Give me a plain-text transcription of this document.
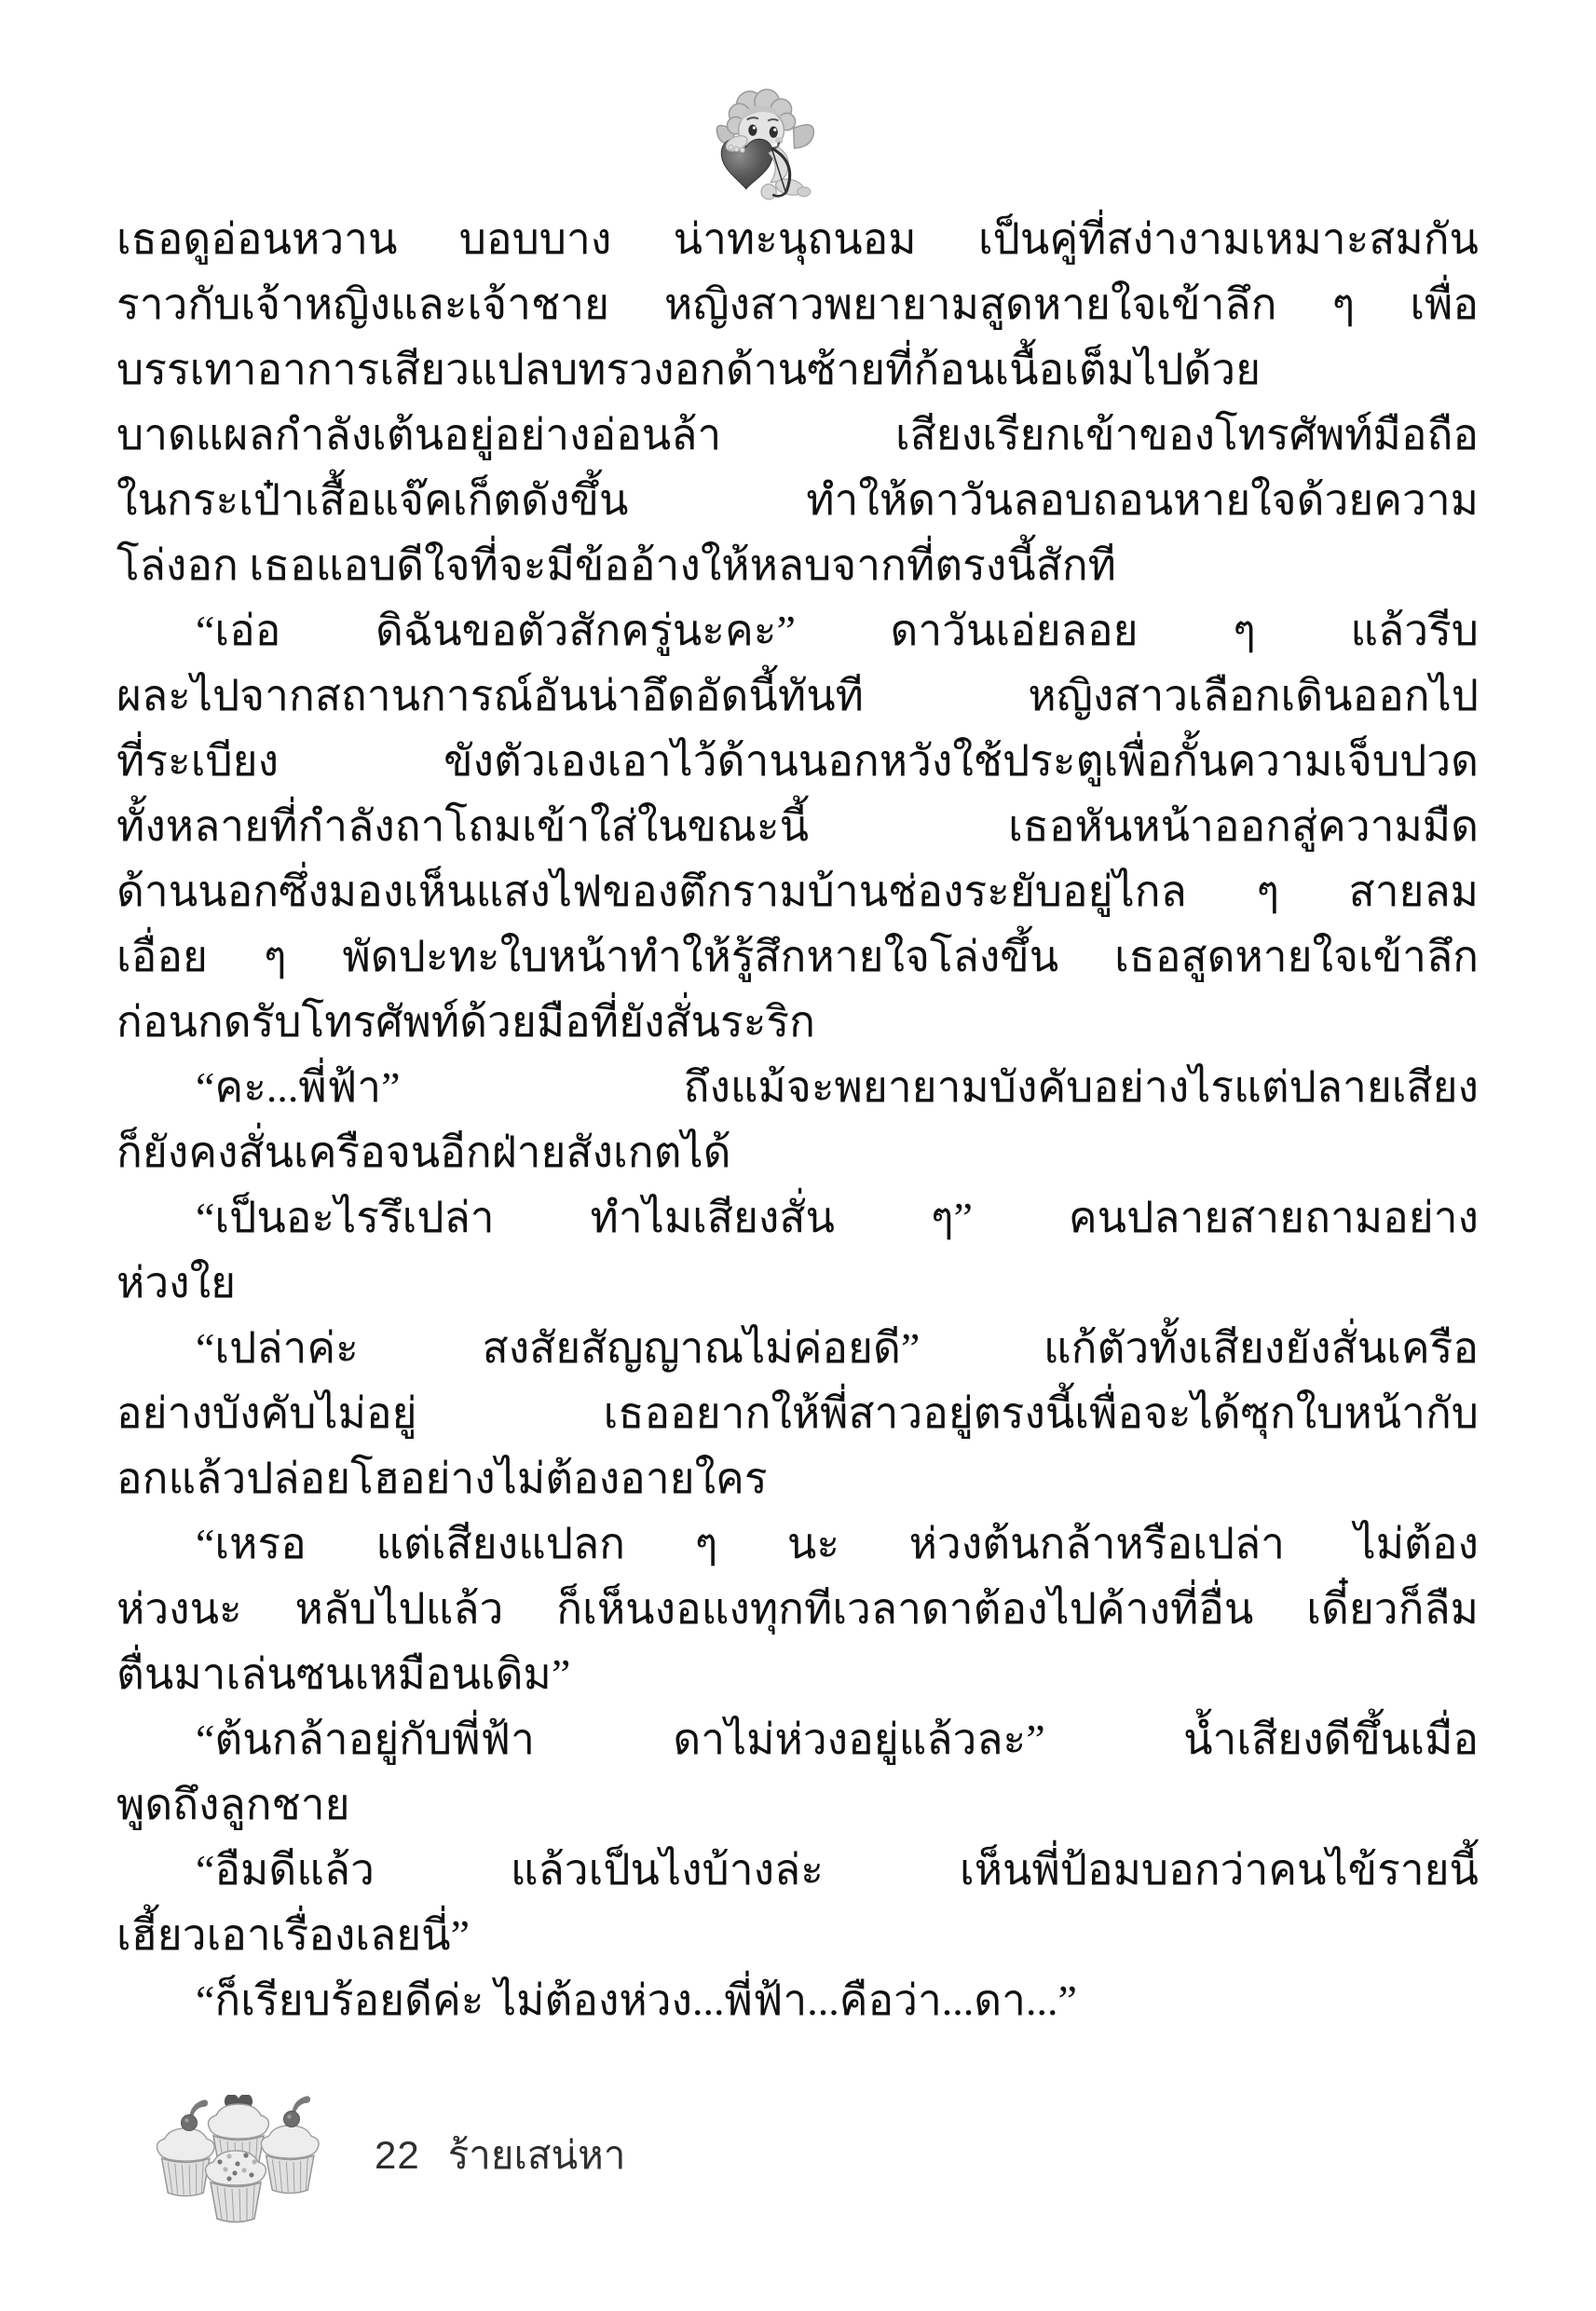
เธอดูอ่อนหวาน บอบบาง น่าทะนุถนอม เป็นคู่ที่สง่างามเหมาะสมกัน
ราวกับเจ้าหญิงและเจ้าชาย หญิงสาวพยายามสูดหายใจเข้าลึก ๆ เพื่อ
บรรเทาอาการเสียวแปลบทรวงอกด้านซ้ายที่ก้อนเนื้อเต็มไปด้วย
บาดแผลกำลังเต้นอยู่อย่างอ่อนล้า เสียงเรียกเข้าของโทรศัพท์มือถือ
ในกระเป๋าเสื้อแจ๊คเก็ตดังขึ้น ทำให้ดาวันลอบถอนหายใจด้วยความ
โล่งอก เธอแอบดีใจที่จะมีข้ออ้างให้หลบจากที่ตรงนี้สักที
“เอ่อ ดิฉันขอตัวสักครู่นะคะ” ดาวันเอ่ยลอย ๆ แล้วรีบ
ผละไปจากสถานการณ์อันน่าอึดอัดนี้ทันที หญิงสาวเลือกเดินออกไป
ที่ระเบียง ขังตัวเองเอาไว้ด้านนอกหวังใช้ประตูเพื่อกั้นความเจ็บปวด
ทั้งหลายที่กำลังถาโถมเข้าใส่ในขณะนี้ เธอหันหน้าออกสู่ความมืด
ด้านนอกซึ่งมองเห็นแสงไฟของตึกรามบ้านช่องระยับอยู่ไกล ๆ สายลม
เอื่อย ๆ พัดปะทะใบหน้าทำให้รู้สึกหายใจโล่งขึ้น เธอสูดหายใจเข้าลึก
ก่อนกดรับโทรศัพท์ด้วยมือที่ยังสั่นระริก
“คะ...พี่ฟ้า” ถึงแม้จะพยายามบังคับอย่างไรแต่ปลายเสียง
ก็ยังคงสั่นเครือจนอีกฝ่ายสังเกตได้
“เป็นอะไรรึเปล่า ทำไมเสียงสั่น ๆ” คนปลายสายถามอย่าง
ห่วงใย
“เปล่าค่ะ สงสัยสัญญาณไม่ค่อยดี” แก้ตัวทั้งเสียงยังสั่นเครือ
อย่างบังคับไม่อยู่ เธออยากให้พี่สาวอยู่ตรงนี้เพื่อจะได้ซุกใบหน้ากับ
อกแล้วปล่อยโฮอย่างไม่ต้องอายใคร
“เหรอ แต่เสียงแปลก ๆ นะ ห่วงต้นกล้าหรือเปล่า ไม่ต้อง
ห่วงนะ หลับไปแล้ว ก็เห็นงอแงทุกทีเวลาดาต้องไปค้างที่อื่น เดี๋ยวก็ลืม
ตื่นมาเล่นซนเหมือนเดิม”
“ต้นกล้าอยู่กับพี่ฟ้า ดาไม่ห่วงอยู่แล้วละ” น้ำเสียงดีขึ้นเมื่อ
พูดถึงลูกชาย
“อืมดีแล้ว แล้วเป็นไงบ้างล่ะ เห็นพี่ป้อมบอกว่าคนไข้รายนี้
เฮี้ยวเอาเรื่องเลยนี่”
“ก็เรียบร้อยดีค่ะ ไม่ต้องห่วง...พี่ฟ้า...คือว่า...ดา...”
22 ร้ายเสน่หา
